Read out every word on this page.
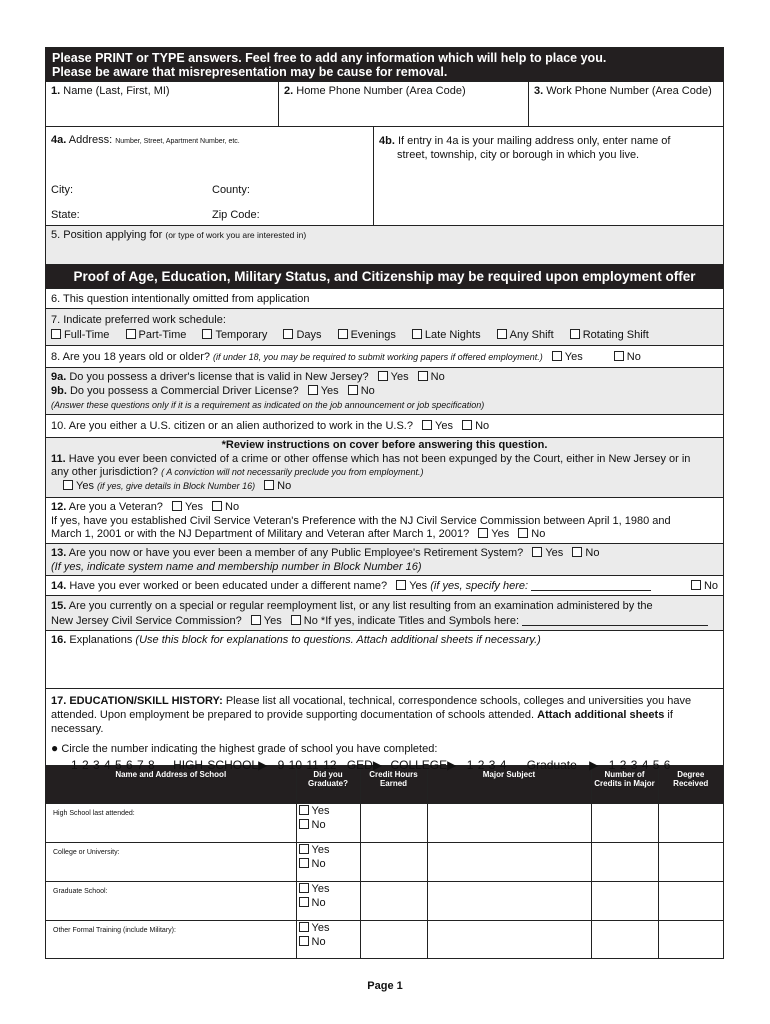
Please PRINT or TYPE answers. Feel free to add any information which will help to place you.
Please be aware that misrepresentation may be cause for removal.
1. Name (Last, First, MI)	2. Home Phone Number (Area Code)	3. Work Phone Number (Area Code)
4a. Address: Number, Street, Apartment Number, etc.
City:	County:
State:	Zip Code:
4b. If entry in 4a is your mailing address only, enter name of
street, township, city or borough in which you live.
5. Position applying for (or type of work you are interested in)
Proof of Age, Education, Military Status, and Citizenship may be required upon employment offer
6. This question intentionally omitted from application
7. Indicate preferred work schedule:
Full-Time	Part-Time	Temporary	Days	Evenings	Late Nights	Any Shift	Rotating Shift
8. Are you 18 years old or older? (if under 18, you may be required to submit working papers if offered employment.) Yes	No
9a. Do you possess a driver's license that is valid in New Jersey? Yes No
9b. Do you possess a Commercial Driver License? Yes No
(Answer these questions only if it is a requirement as indicated on the job announcement or job specification)
10. Are you either a U.S. citizen or an alien authorized to work in the U.S.? Yes No
*Review instructions on cover before answering this question.
11. Have you ever been convicted of a crime or other offense which has not been expunged by the Court, either in New Jersey or in
any other jurisdiction? ( A conviction will not necessarily preclude you from employment.)
Yes (if yes, give details in Block Number 16) No
12. Are you a Veteran? Yes No
If yes, have you established Civil Service Veteran's Preference with the NJ Civil Service Commission between April 1, 1980 and
March 1, 2001 or with the NJ Department of Military and Veteran after March 1, 2001? Yes No
13. Are you now or have you ever been a member of any Public Employee's Retirement System? Yes No
(If yes, indicate system name and membership number in Block Number 16)
14. Have you ever worked or been educated under a different name? Yes (if yes, specify here:	No
15. Are you currently on a special or regular reemployment list, or any list resulting from an examination administered by the
New Jersey Civil Service Commission? Yes No *If yes, indicate Titles and Symbols here:
16. Explanations (Use this block for explanations to questions. Attach additional sheets if necessary.)
17. EDUCATION/SKILL HISTORY: Please list all vocational, technical, correspondence schools, colleges and universities you have
attended. Upon employment be prepared to provide supporting documentation of schools attended. Attach additional sheets if necessary.
● Circle the number indicating the highest grade of school you have completed:
1 2 3 4 5 6 7 8 HIGH SCHOOL▶ 9 10 11 12 GED▶ COLLEGE▶ 1 2 3 4 Graduate ▶ 1 2 3 4 5 6
Name and Address of School	Did you Graduate?	Credit Hours Earned	Major Subject	Number of Credits in Major	Degree Received
High School last attended:	Yes
No				

College or University:	Yes
No				

Graduate School:	Yes
No				

Other Formal Training (include Military):	Yes
No				

Page 1
